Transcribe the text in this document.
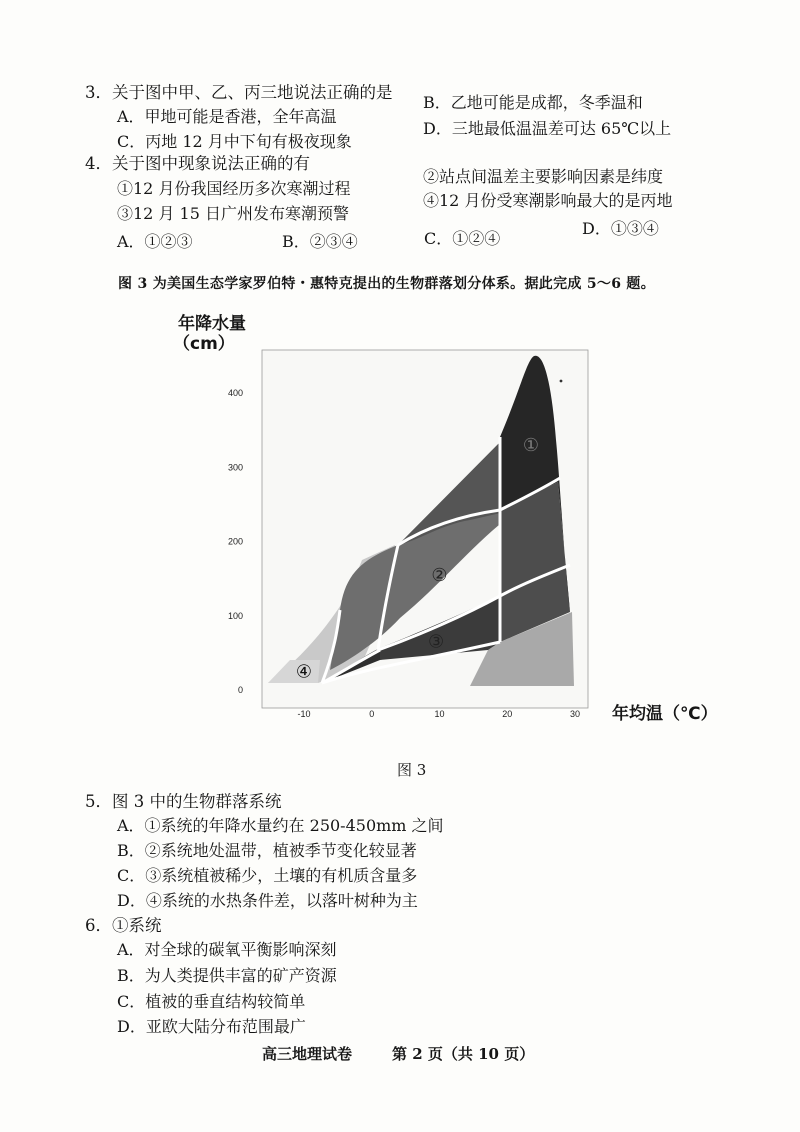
3．关于图中甲、乙、丙三地说法正确的是
A．甲地可能是香港，全年高温
B．乙地可能是成都，冬季温和
C．丙地 12 月中下旬有极夜现象
D．三地最低温温差可达 65℃以上
4．关于图中现象说法正确的有
①12 月份我国经历多次寒潮过程
②站点间温差主要影响因素是纬度
③12 月 15 日广州发布寒潮预警
④12 月份受寒潮影响最大的是丙地
A．①②③	B．②③④	C．①②④
D．①③④
图 3 为美国生态学家罗伯特・惠特克提出的生物群落划分体系。据此完成 5～6 题。
年降水量
（cm）
年均温（℃）
-10	0	10	20	30
0
100
200
300
400
①
②
③
④
图 3
5．图 3 中的生物群落系统
A．①系统的年降水量约在 250-450mm 之间
B．②系统地处温带，植被季节变化较显著
C．③系统植被稀少，土壤的有机质含量多
D．④系统的水热条件差，以落叶树种为主
6．①系统
A．对全球的碳氧平衡影响深刻
B．为人类提供丰富的矿产资源
C．植被的垂直结构较简单
D．亚欧大陆分布范围最广
高三地理试卷	第 2 页（共 10 页）
